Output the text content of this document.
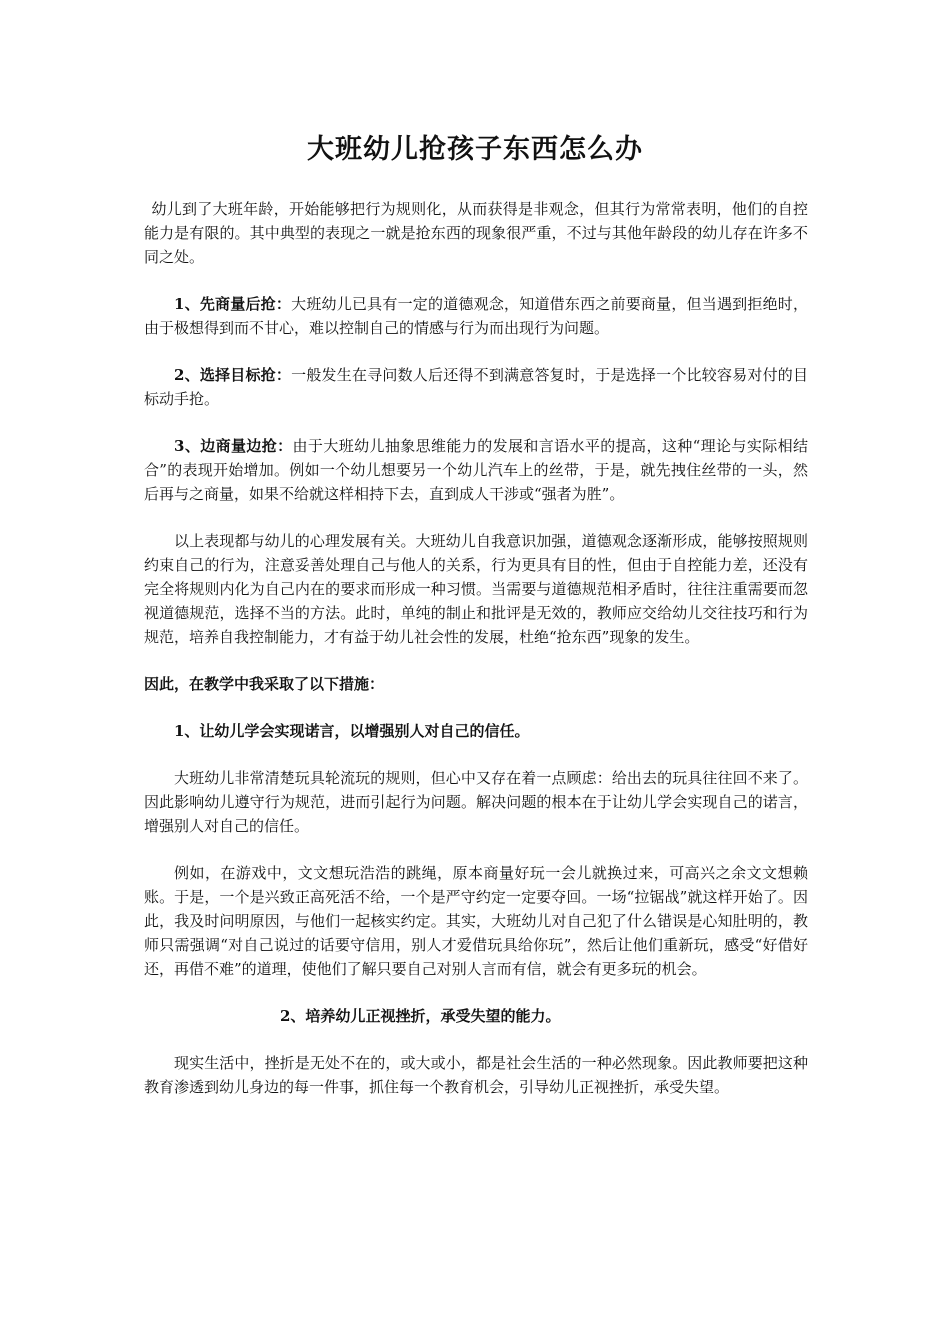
大班幼儿抢孩子东西怎么办

幼儿到了大班年龄，开始能够把行为规则化，从而获得是非观念，但其行为常常表明，他们的自控能力是有限的。其中典型的表现之一就是抢东西的现象很严重，不过与其他年龄段的幼儿存在许多不同之处。

1、先商量后抢：大班幼儿已具有一定的道德观念，知道借东西之前要商量，但当遇到拒绝时，由于极想得到而不甘心，难以控制自己的情感与行为而出现行为问题。

2、选择目标抢：一般发生在寻问数人后还得不到满意答复时，于是选择一个比较容易对付的目标动手抢。

3、边商量边抢：由于大班幼儿抽象思维能力的发展和言语水平的提高，这种“理论与实际相结合”的表现开始增加。例如一个幼儿想要另一个幼儿汽车上的丝带，于是，就先拽住丝带的一头，然后再与之商量，如果不给就这样相持下去，直到成人干涉或“强者为胜”。

以上表现都与幼儿的心理发展有关。大班幼儿自我意识加强，道德观念逐渐形成，能够按照规则约束自己的行为，注意妥善处理自己与他人的关系，行为更具有目的性，但由于自控能力差，还没有完全将规则内化为自己内在的要求而形成一种习惯。当需要与道德规范相矛盾时，往往注重需要而忽视道德规范，选择不当的方法。此时，单纯的制止和批评是无效的，教师应交给幼儿交往技巧和行为规范，培养自我控制能力，才有益于幼儿社会性的发展，杜绝“抢东西”现象的发生。

因此，在教学中我采取了以下措施：

1、让幼儿学会实现诺言，以增强别人对自己的信任。

大班幼儿非常清楚玩具轮流玩的规则，但心中又存在着一点顾虑：给出去的玩具往往回不来了。因此影响幼儿遵守行为规范，进而引起行为问题。解决问题的根本在于让幼儿学会实现自己的诺言，增强别人对自己的信任。

例如，在游戏中，文文想玩浩浩的跳绳，原本商量好玩一会儿就换过来，可高兴之余文文想赖账。于是，一个是兴致正高死活不给，一个是严守约定一定要夺回。一场“拉锯战”就这样开始了。因此，我及时问明原因，与他们一起核实约定。其实，大班幼儿对自己犯了什么错误是心知肚明的，教师只需强调“对自己说过的话要守信用，别人才爱借玩具给你玩”，然后让他们重新玩，感受“好借好还，再借不难”的道理，使他们了解只要自己对别人言而有信，就会有更多玩的机会。

2、培养幼儿正视挫折，承受失望的能力。

现实生活中，挫折是无处不在的，或大或小，都是社会生活的一种必然现象。因此教师要把这种教育渗透到幼儿身边的每一件事，抓住每一个教育机会，引导幼儿正视挫折，承受失望。
